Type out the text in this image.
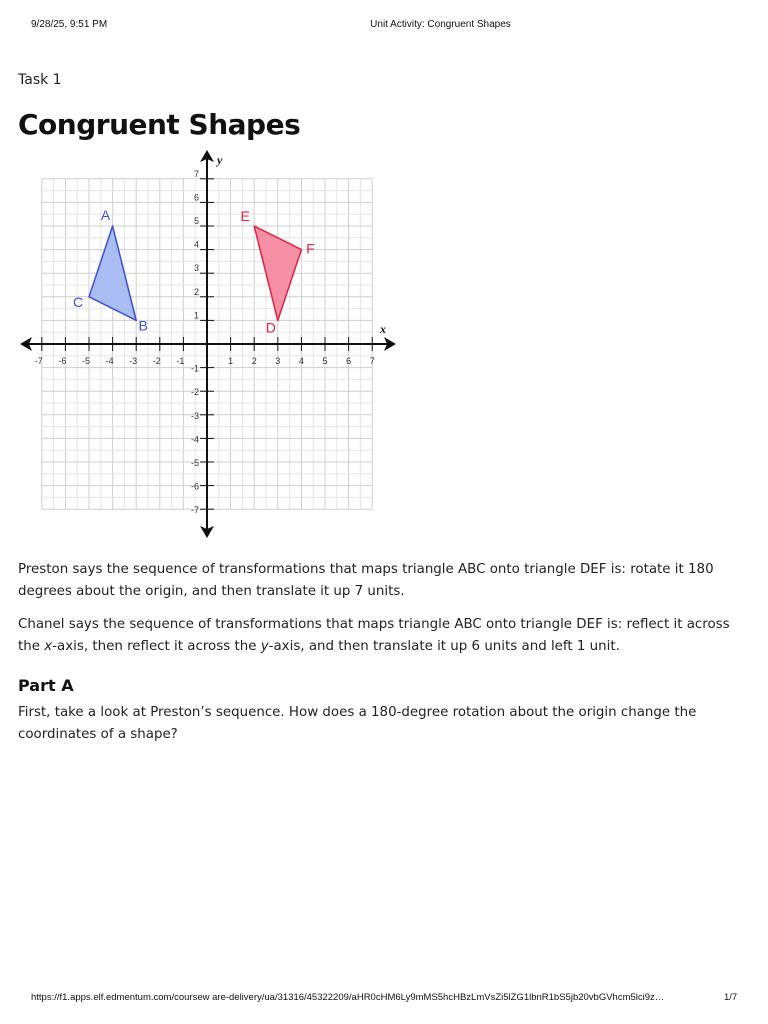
9/28/25, 9:51 PM	Unit Activity: Congruent Shapes
Task 1
Congruent Shapes
x
y
-7 -6 -5 -4 -3 -2 -1	1 2 3 4 5 6 7
-7
-6
-5
-4
-3
-2
-1
1
2
3
4
5
6
7
A
B
C
E
F
D

Preston says the sequence of transformations that maps triangle ABC onto triangle DEF is: rotate it 180 degrees about the origin, and then translate it up 7 units.

Chanel says the sequence of transformations that maps triangle ABC onto triangle DEF is: reflect it across the x-axis, then reflect it across the y-axis, and then translate it up 6 units and left 1 unit.

Part A

First, take a look at Preston’s sequence. How does a 180-degree rotation about the origin change the coordinates of a shape?

https://f1.apps.elf.edmentum.com/coursew are-delivery/ua/31316/45322209/aHR0cHM6Ly9mMS5hcHBzLmVsZi5lZG1lbnR1bS5jb20vbGVhcm5lci9z…	1/7
